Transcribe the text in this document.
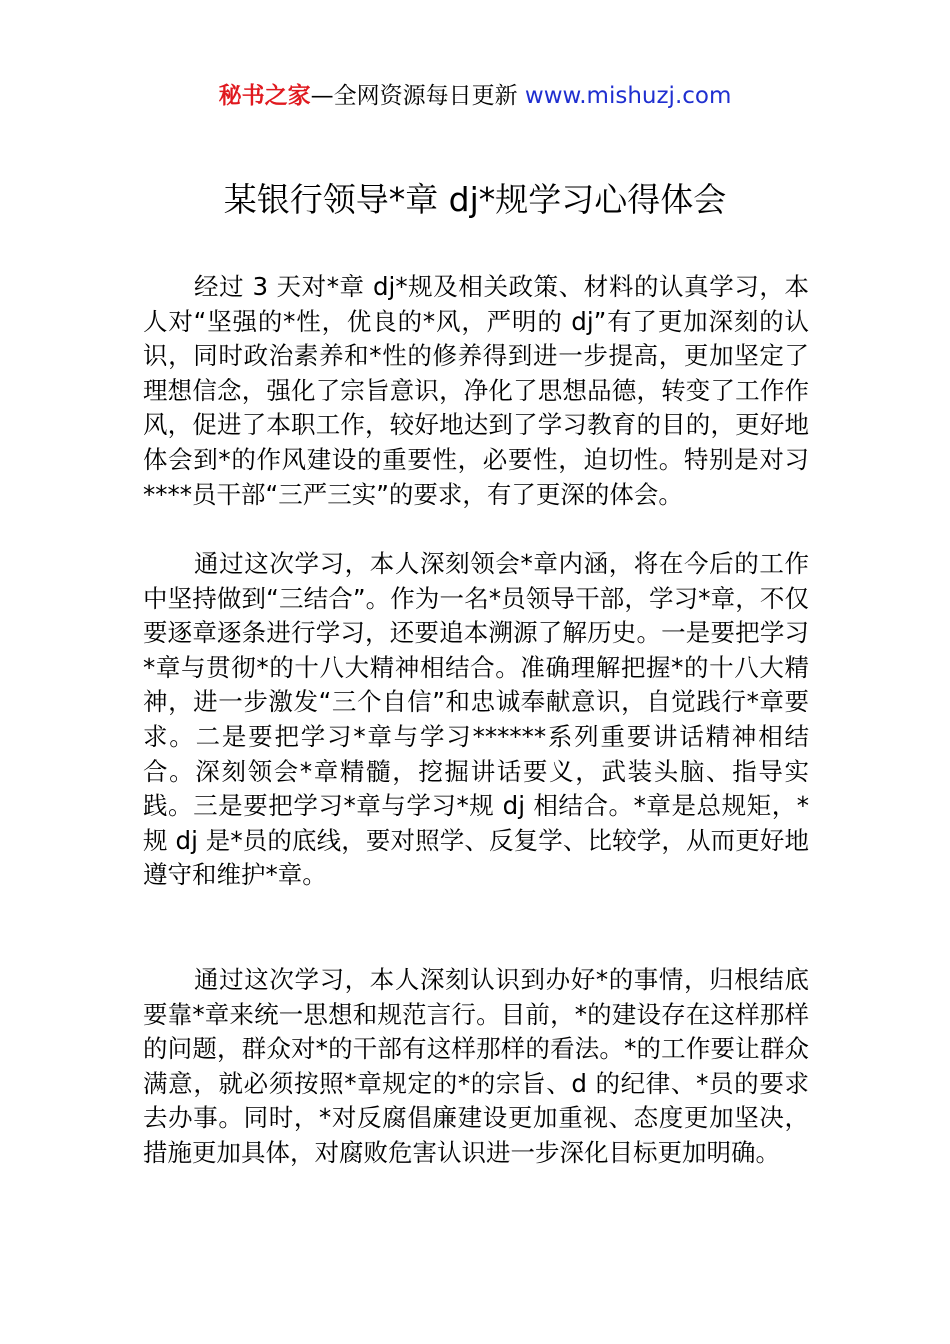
秘书之家—全网资源每日更新 www.mishuzj.com
某银行领导*章 dj*规学习心得体会

经过 3 天对*章 dj*规及相关政策、材料的认真学习，本人对“坚强的*性，优良的*风，严明的 dj”有了更加深刻的认识，同时政治素养和*性的修养得到进一步提高，更加坚定了理想信念，强化了宗旨意识，净化了思想品德，转变了工作作风，促进了本职工作，较好地达到了学习教育的目的，更好地体会到*的作风建设的重要性，必要性，迫切性。特别是对习****员干部“三严三实”的要求，有了更深的体会。

通过这次学习，本人深刻领会*章内涵，将在今后的工作中坚持做到“三结合”。作为一名*员领导干部，学习*章，不仅要逐章逐条进行学习，还要追本溯源了解历史。一是要把学习*章与贯彻*的十八大精神相结合。准确理解把握*的十八大精神，进一步激发“三个自信”和忠诚奉献意识，自觉践行*章要求。二是要把学习*章与学习******系列重要讲话精神相结合。深刻领会*章精髓，挖掘讲话要义，武装头脑、指导实践。三是要把学习*章与学习*规 dj 相结合。*章是总规矩，*规 dj 是*员的底线，要对照学、反复学、比较学，从而更好地遵守和维护*章。

通过这次学习，本人深刻认识到办好*的事情，归根结底要靠*章来统一思想和规范言行。目前，*的建设存在这样那样的问题，群众对*的干部有这样那样的看法。*的工作要让群众满意，就必须按照*章规定的*的宗旨、d 的纪律、*员的要求去办事。同时，*对反腐倡廉建设更加重视、态度更加坚决，措施更加具体，对腐败危害认识进一步深化目标更加明确。
